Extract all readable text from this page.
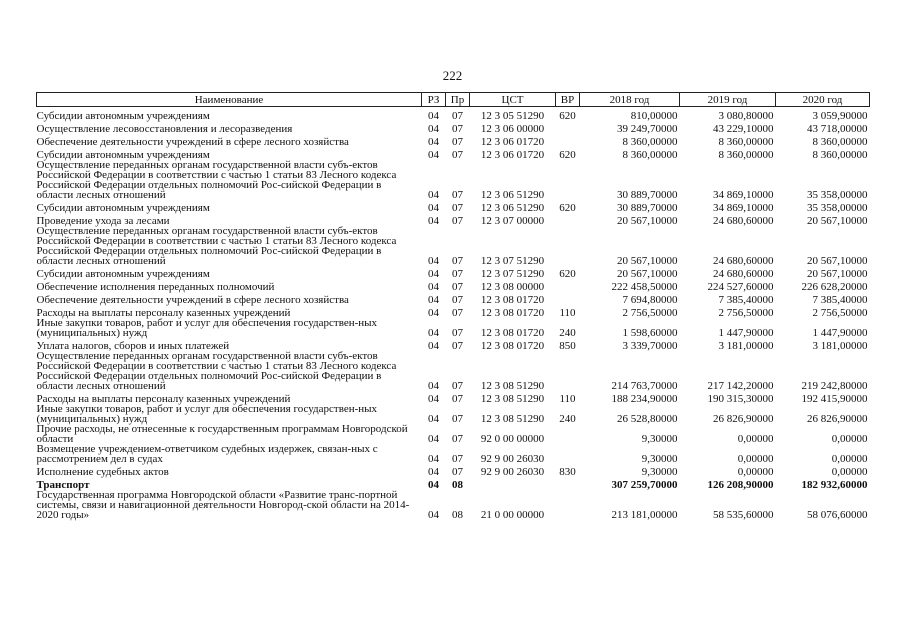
222
Наименование	РЗ	Пр	ЦСТ	ВР	2018 год	2019 год	2020 год
Субсидии автономным учреждениям	04	07	12 3 05 51290	620	810,00000	3 080,80000	3 059,90000
Осуществление лесовосстановления и лесоразведения	04	07	12 3 06 00000		39 249,70000	43 229,10000	43 718,00000
Обеспечение деятельности учреждений в сфере лесного хозяйства	04	07	12 3 06 01720		8 360,00000	8 360,00000	8 360,00000
Субсидии автономным учреждениям	04	07	12 3 06 01720	620	8 360,00000	8 360,00000	8 360,00000
Осуществление переданных органам государственной власти субъ-ектов Российской Федерации в соответствии с частью 1 статьи 83 Лесного кодекса Российской Федерации отдельных полномочий Рос-сийской Федерации в области лесных отношений	04	07	12 3 06 51290		30 889,70000	34 869,10000	35 358,00000
Субсидии автономным учреждениям	04	07	12 3 06 51290	620	30 889,70000	34 869,10000	35 358,00000
Проведение ухода за лесами	04	07	12 3 07 00000		20 567,10000	24 680,60000	20 567,10000
Осуществление переданных органам государственной власти субъ-ектов Российской Федерации в соответствии с частью 1 статьи 83 Лесного кодекса Российской Федерации отдельных полномочий Рос-сийской Федерации в области лесных отношений	04	07	12 3 07 51290		20 567,10000	24 680,60000	20 567,10000
Субсидии автономным учреждениям	04	07	12 3 07 51290	620	20 567,10000	24 680,60000	20 567,10000
Обеспечение исполнения переданных полномочий	04	07	12 3 08 00000		222 458,50000	224 527,60000	226 628,20000
Обеспечение деятельности учреждений в сфере лесного хозяйства	04	07	12 3 08 01720		7 694,80000	7 385,40000	7 385,40000
Расходы на выплаты персоналу казенных учреждений	04	07	12 3 08 01720	110	2 756,50000	2 756,50000	2 756,50000
Иные закупки товаров, работ и услуг для обеспечения государствен-ных (муниципальных) нужд	04	07	12 3 08 01720	240	1 598,60000	1 447,90000	1 447,90000
Уплата налогов, сборов и иных платежей	04	07	12 3 08 01720	850	3 339,70000	3 181,00000	3 181,00000
Осуществление переданных органам государственной власти субъ-ектов Российской Федерации в соответствии с частью 1 статьи 83 Лесного кодекса Российской Федерации отдельных полномочий Рос-сийской Федерации в области лесных отношений	04	07	12 3 08 51290		214 763,70000	217 142,20000	219 242,80000
Расходы на выплаты персоналу казенных учреждений	04	07	12 3 08 51290	110	188 234,90000	190 315,30000	192 415,90000
Иные закупки товаров, работ и услуг для обеспечения государствен-ных (муниципальных) нужд	04	07	12 3 08 51290	240	26 528,80000	26 826,90000	26 826,90000
Прочие расходы, не отнесенные к государственным программам Новгородской области	04	07	92 0 00 00000		9,30000	0,00000	0,00000
Возмещение учреждением-ответчиком судебных издержек, связан-ных с рассмотрением дел в судах	04	07	92 9 00 26030		9,30000	0,00000	0,00000
Исполнение судебных актов	04	07	92 9 00 26030	830	9,30000	0,00000	0,00000
Транспорт	04	08			307 259,70000	126 208,90000	182 932,60000
Государственная программа Новгородской области «Развитие транс-портной системы, связи и навигационной деятельности Новгород-ской области на 2014-2020 годы»	04	08	21 0 00 00000		213 181,00000	58 535,60000	58 076,60000
